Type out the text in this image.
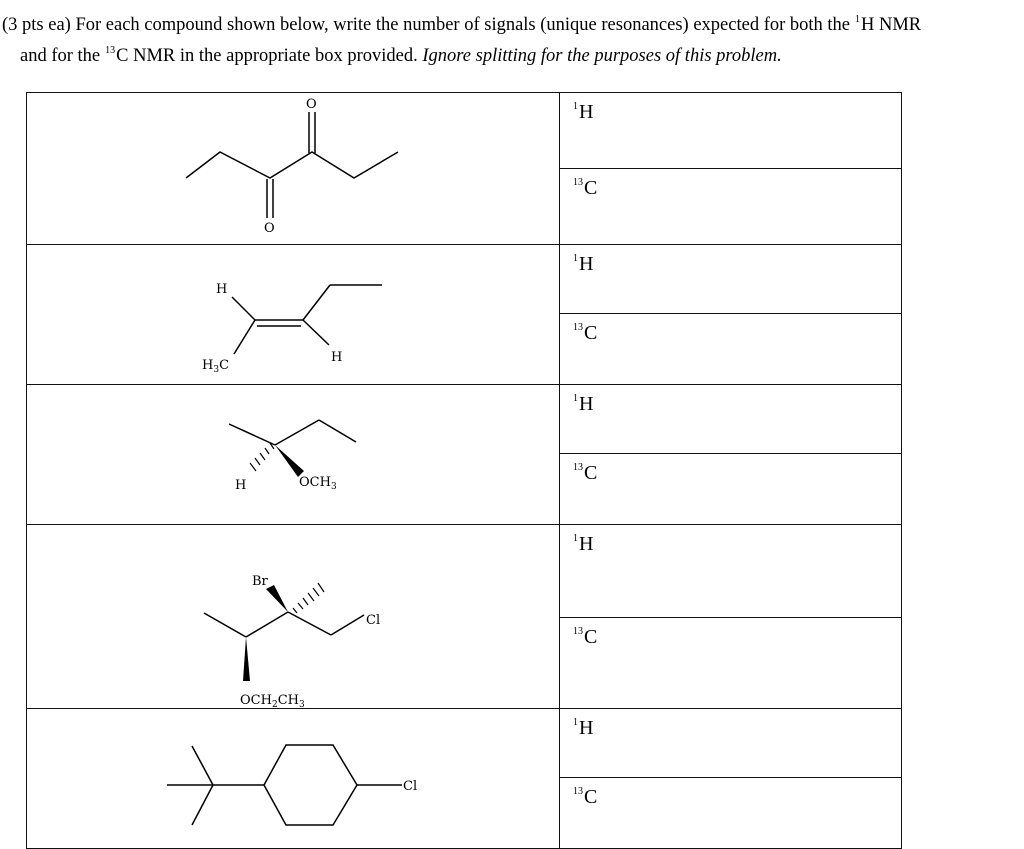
(3 pts ea) For each compound shown below, write the number of signals (unique resonances) expected for both the $^1$H NMR
and for the $^{13}$C NMR in the appropriate box provided. Ignore splitting for the purposes of this problem.
O
O	$^1$H

	$^{13}$C

H
$H_3C$
H	$^1$H

	$^{13}$C

H $OCH_3$	$^1$H

	$^{13}$C

Br
Cl
$OCH_2CH_3$	$^1$H

	$^{13}$C

Cl	$^1$H

	$^{13}$C
